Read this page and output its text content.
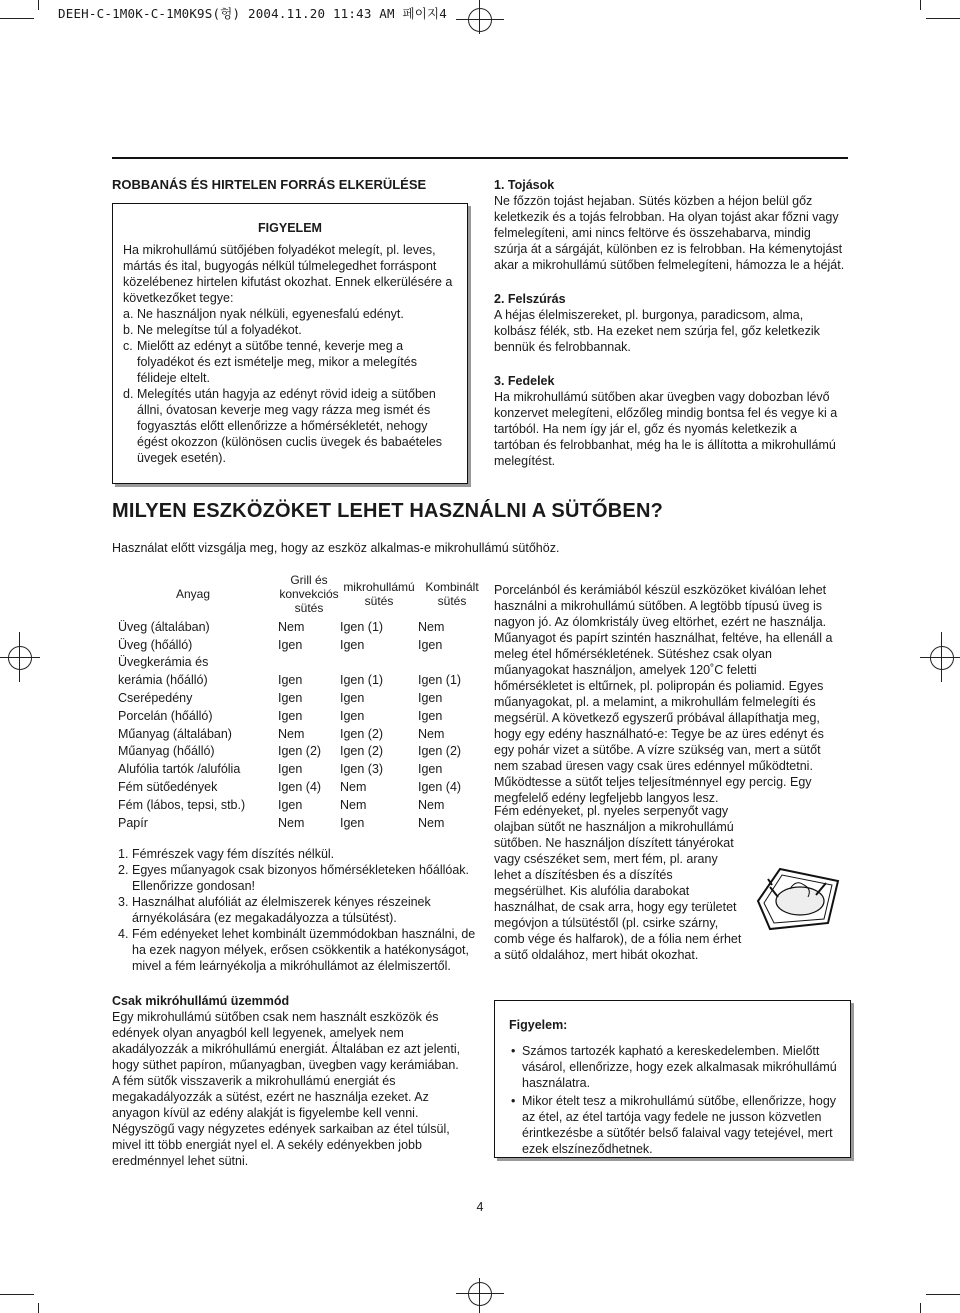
DEEH-C-1M0K-C-1M0K9S(헝) 2004.11.20 11:43 AM 페이지4
ROBBANÁS ÉS HIRTELEN FORRÁS ELKERÜLÉSE
FIGYELEM

Ha mikrohullámú sütőjében folyadékot melegít, pl. leves, mártás és ital, bugyogás nélkül túlmelegedhet forráspont közelébenez hirtelen kifutást okozhat. Ennek elkerülésére a következőket tegye:

a. Ne használjon nyak nélküli, egyenesfalú edényt.
b. Ne melegítse túl a folyadékot.
c. Mielőtt az edényt a sütőbe tenné, keverje meg a folyadékot és ezt ismételje meg, mikor a melegítés félideje eltelt.
d. Melegítés után hagyja az edényt rövid ideig a sütőben állni, óvatosan keverje meg vagy rázza meg ismét és fogyasztás előtt ellenőrizze a hőmérsékletét, nehogy égést okozzon (különösen cuclis üvegek és babaételes üvegek esetén).

1. Tojások

Ne főzzön tojást hejaban. Sütés közben a héjon belül gőz keletkezik és a tojás felrobban. Ha olyan tojást akar főzni vagy felmelegíteni, ami nincs feltörve és összehabarva, mindig szúrja át a sárgáját, különben ez is felrobban. Ha kémenytojást akar a mikrohullámú sütőben felmelegíteni, hámozza le a héját.

2. Felszúrás

A héjas élelmiszereket, pl. burgonya, paradicsom, alma, kolbász félék, stb. Ha ezeket nem szúrja fel, gőz keletkezik bennük és felrobbannak.

3. Fedelek

Ha mikrohullámú sütőben akar üvegben vagy dobozban lévő konzervet melegíteni, előzőleg mindig bontsa fel és vegye ki a tartóból. Ha nem így jár el, gőz és nyomás keletkezik a tartóban és felrobbanhat, még ha le is állította a mikrohullámú melegítést.

MILYEN ESZKÖZÖKET LEHET HASZNÁLNI A SÜTŐBEN?

Használat előtt vizsgálja meg, hogy az eszköz alkalmas-e mikrohullámú sütőhöz.

Anyag	Grill és konvekciós sütés	mikrohullámú sütés	Kombinált sütés
Üveg (általában)	Nem	Igen (1)	Nem
Üveg (hőálló)	Igen	Igen	Igen
Üvegkerámia és			
kerámia (hőálló)	Igen	Igen (1)	Igen (1)
Cserépedény	Igen	Igen	Igen
Porcelán (hőálló)	Igen	Igen	Igen
Műanyag (általában)	Nem	Igen (2)	Nem
Műanyag (hőálló)	Igen (2)	Igen (2)	Igen (2)
Alufólia tartók /alufólia	Igen	Igen (3)	Igen
Fém sütőedények	Igen (4)	Nem	Igen (4)
Fém (lábos, tepsi, stb.)	Igen	Nem	Nem
Papír	Nem	Igen	Nem
1. Fémrészek vagy fém díszítés nélkül.
2. Egyes műanyagok csak bizonyos hőmérsékleteken hőállóak. Ellenőrizze gondosan!
3. Használhat alufóliát az élelmiszerek kényes részeinek árnyékolására (ez megakadályozza a túlsütést).
4. Fém edényeket lehet kombinált üzemmódokban használni, de ha ezek nagyon mélyek, erősen csökkentik a hatékonyságot, mivel a fém leárnyékolja a mikróhullámot az élelmiszertől.

Porcelánból és kerámiából készül eszközöket kiválóan lehet használni a mikrohullámú sütőben. A legtöbb típusú üveg is nagyon jó. Az ólomkristály üveg eltörhet, ezért ne használja. Műanyagot és papírt szintén használhat, feltéve, ha ellenáll a meleg étel hőmérsékletének. Sütéshez csak olyan műanyagokat használjon, amelyek 120˚C feletti hőmérsékletet is eltűrnek, pl. polipropán és poliamid. Egyes műanyagokat, pl. a melamint, a mikrohullám felmelegíti és megsérül. A következő egyszerű próbával állapíthatja meg, hogy egy edény használható-e: Tegye be az üres edényt és egy pohár vizet a sütőbe. A vízre szükség van, mert a sütőt nem szabad üresen vagy csak üres edénnyel működtetni. Működtesse a sütőt teljes teljesítménnyel egy percig. Egy megfelelő edény legfeljebb langyos lesz.

Fém edényeket, pl. nyeles serpenyőt vagy olajban sütőt ne használjon a mikrohullámú sütőben. Ne használjon díszített tányérokat vagy csészéket sem, mert fém, pl. arany lehet a díszítésben és a díszítés megsérülhet. Kis alufólia darabokat használhat, de csak arra, hogy egy területet megóvjon a túlsütéstől (pl. csirke szárny, comb vége és halfarok), de a fólia nem érhet a sütő oldalához, mert hibát okozhat.

Csak mikróhullámú üzemmód

Egy mikrohullámú sütőben csak nem használt eszközök és edények olyan anyagból kell legyenek, amelyek nem akadályozzák a mikróhullámú energiát. Általában ez azt jelenti, hogy süthet papíron, műanyagban, üvegben vagy kerámiában. A fém sütők visszaverik a mikrohullámú energiát és megakadályozzák a sütést, ezért ne használja ezeket. Az anyagon kívül az edény alakját is figyelembe kell venni. Négyszögű vagy négyzetes edények sarkaiban az étel túlsül, mivel itt több energiát nyel el. A sekély edényekben jobb eredménnyel lehet sütni.

Figyelem:
• Számos tartozék kapható a kereskedelemben. Mielőtt vásárol, ellenőrizze, hogy ezek alkalmasak mikróhullámú használatra.
• Mikor ételt tesz a mikrohullámú sütőbe, ellenőrizze, hogy az étel, az étel tartója vagy fedele ne jusson közvetlen érintkezésbe a sütőtér belső falaival vagy tetejével, mert ezek elszíneződhetnek.
4
